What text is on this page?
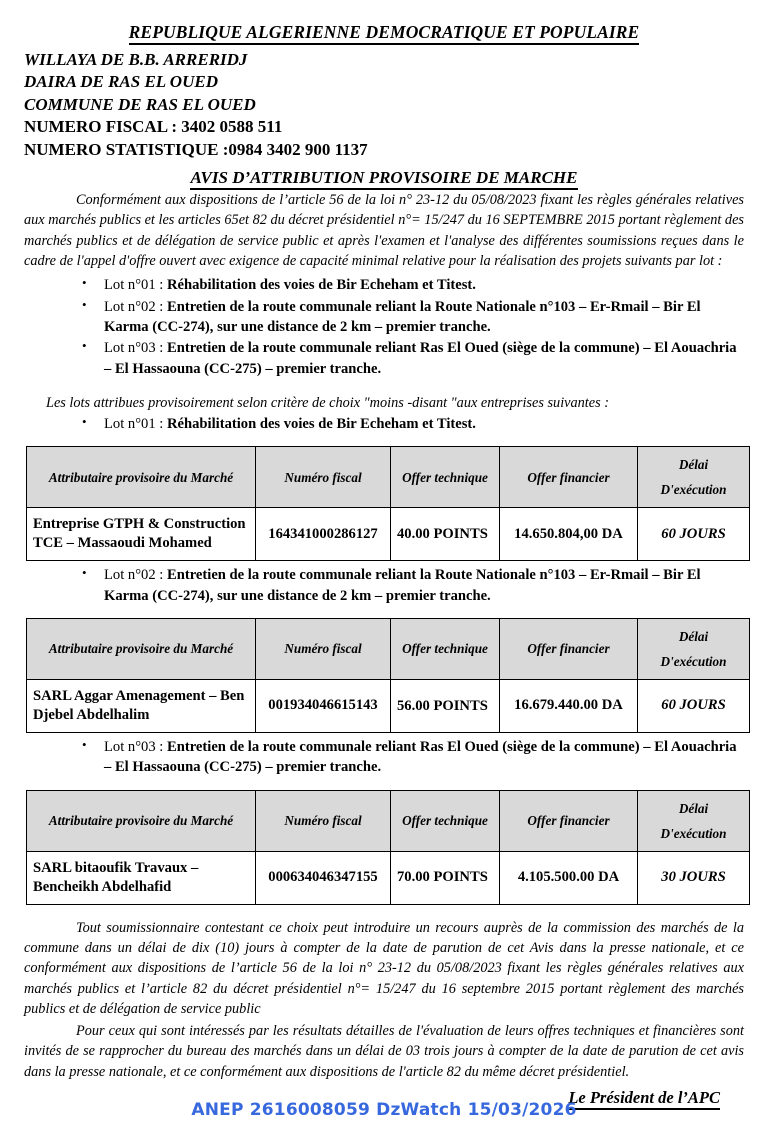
REPUBLIQUE ALGERIENNE DEMOCRATIQUE ET POPULAIRE
WILLAYA DE B.B. ARRERIDJ
DAIRA DE RAS EL OUED
COMMUNE DE RAS EL OUED
NUMERO FISCAL : 3402 0588 511
NUMERO STATISTIQUE :0984 3402 900 1137
AVIS D’ATTRIBUTION PROVISOIRE DE MARCHE

Conformément aux dispositions de l’article 56 de la loi n° 23-12 du 05/08/2023 fixant les règles générales relatives aux marchés publics et les articles 65et 82 du décret présidentiel n°= 15/247 du 16 SEPTEMBRE 2015 portant règlement des marchés publics et de délégation de service public et après l'examen et l'analyse des différentes soumissions reçues dans le cadre de l'appel d'offre ouvert avec exigence de capacité minimal relative pour la réalisation des projets suivants par lot :

• Lot n°01 : Réhabilitation des voies de Bir Echeham et Titest.
• Lot n°02 : Entretien de la route communale reliant la Route Nationale n°103 – Er-Rmail – Bir El Karma (CC-274), sur une distance de 2 km – premier tranche.
• Lot n°03 : Entretien de la route communale reliant Ras El Oued (siège de la commune) – El Aouachria – El Hassaouna (CC-275) – premier tranche.

Les lots attribues provisoirement selon critère de choix "moins -disant "aux entreprises suivantes :

• Lot n°01 : Réhabilitation des voies de Bir Echeham et Titest.
Attributaire provisoire du Marché	Numéro fiscal	Offer technique	Offer financier	Délai
D'exécution
Entreprise GTPH & Construction TCE – Massaoudi Mohamed	164341000286127	40.00 POINTS	14.650.804,00 DA	60 JOURS
• Lot n°02 : Entretien de la route communale reliant la Route Nationale n°103 – Er-Rmail – Bir El Karma (CC-274), sur une distance de 2 km – premier tranche.
Attributaire provisoire du Marché	Numéro fiscal	Offer technique	Offer financier	Délai
D'exécution
SARL Aggar Amenagement – Ben Djebel Abdelhalim	001934046615143	56.00 POINTS	16.679.440.00 DA	60 JOURS
• Lot n°03 : Entretien de la route communale reliant Ras El Oued (siège de la commune) – El Aouachria – El Hassaouna (CC-275) – premier tranche.
Attributaire provisoire du Marché	Numéro fiscal	Offer technique	Offer financier	Délai
D'exécution
SARL bitaoufik Travaux – Bencheikh Abdelhafid	000634046347155	70.00 POINTS	4.105.500.00 DA	30 JOURS

Tout soumissionnaire contestant ce choix peut introduire un recours auprès de la commission des marchés de la commune dans un délai de dix (10) jours à compter de la date de parution de cet Avis dans la presse nationale, et ce conformément aux dispositions de l’article 56 de la loi n° 23-12 du 05/08/2023 fixant les règles générales relatives aux marchés publics et l’article 82 du décret présidentiel n°= 15/247 du 16 septembre 2015 portant règlement des marchés publics et de délégation de service public

Pour ceux qui sont intéressés par les résultats détailles de l'évaluation de leurs offres techniques et financières sont invités de se rapprocher du bureau des marchés dans un délai de 03 trois jours à compter de la date de parution de cet avis dans la presse nationale, et ce conformément aux dispositions de l'article 82 du même décret présidentiel.

Le Président de l’APC
ANEP 2616008059 DzWatch 15/03/2026
